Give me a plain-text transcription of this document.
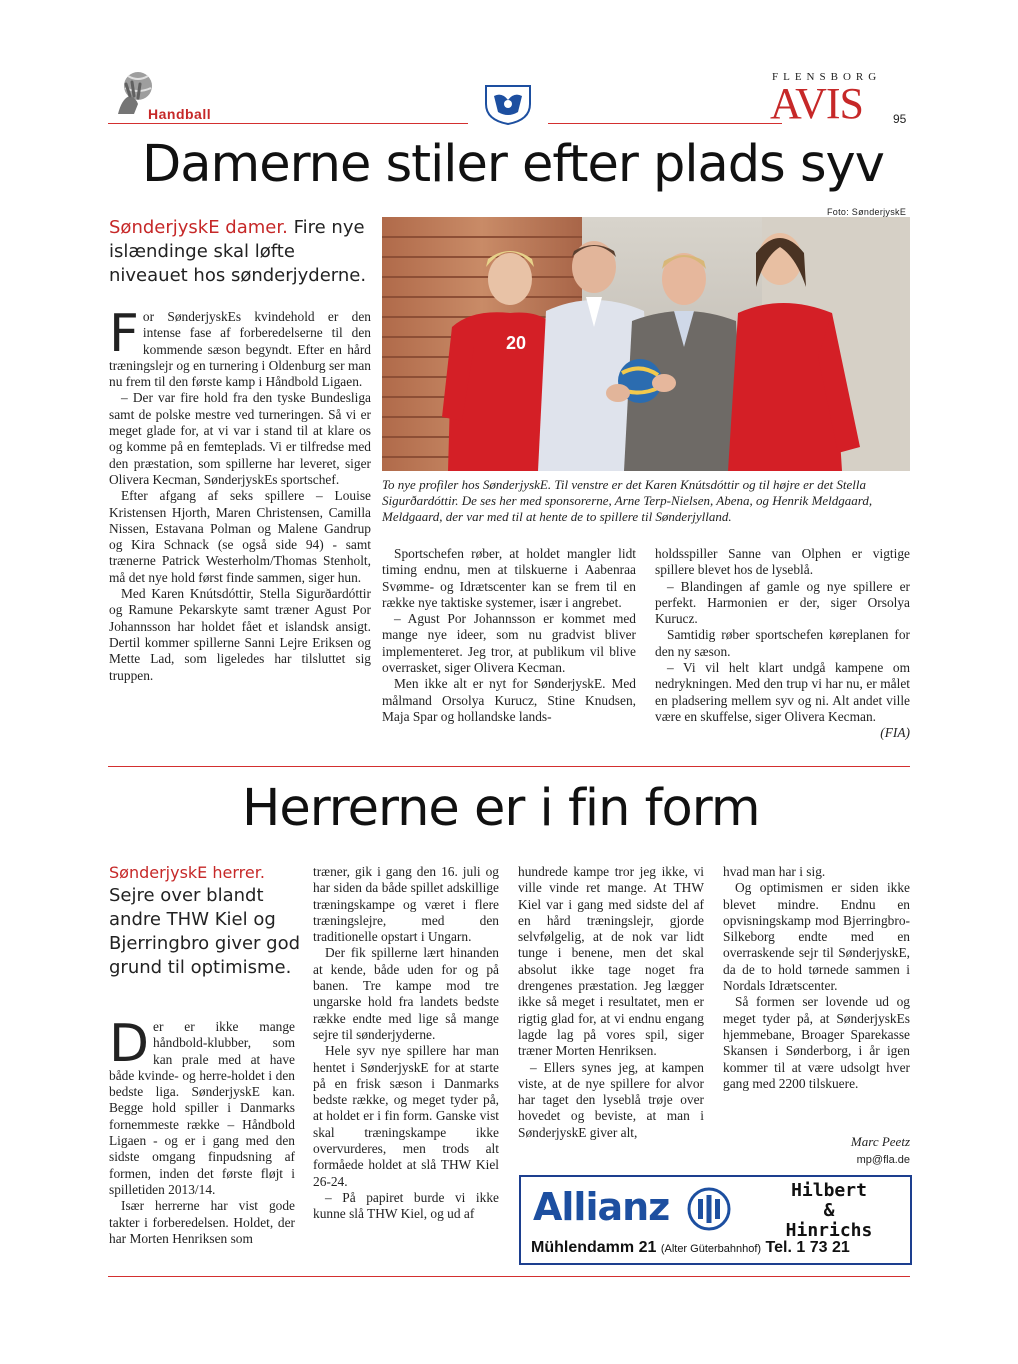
Handball
FLENSBORG
AVIS 95
Damerne stiler efter plads syv
Foto: SønderjyskE
SønderjyskE damer. Fire nye islændinge skal løfte niveauet hos sønderjyderne.
F or SønderjyskEs kvindehold er den intense fase af forberedelserne til den kommende sæson begyndt. Efter en hård træningslejr og en turnering i Oldenburg ser man nu frem til den første kamp i Håndbold Ligaen.

– Der var fire hold fra den tyske Bundesliga samt de polske mestre ved turneringen. Så vi er meget glade for, at vi var i stand til at klare os og komme på en femteplads. Vi er tilfredse med den præstation, som spillerne har leveret, siger Olivera Kecman, SønderjyskEs sportschef.

Efter afgang af seks spillere – Louise Kristensen Hjorth, Maren Christensen, Camilla Nissen, Estavana Polman og Malene Gandrup og Kira Schnack (se også side 94) - samt trænerne Patrick Westerholm/Thomas Stenholt, må det nye hold først finde sammen, siger hun.

Med Karen Knútsdóttir, Stella Sigurðardóttir og Ramune Pekarskyte samt træner Agust Por Johannsson har holdet fået et islandsk ansigt. Dertil kommer spillerne Sanni Lejre Eriksen og Mette Lad, som ligeledes har tilsluttet sig truppen.

20
To nye profiler hos SønderjyskE. Til venstre er det Karen Knútsdóttir og til højre er det Stella Sigurðardóttir. De ses her med sponsorerne, Arne Terp-Nielsen, Abena, og Henrik Meldgaard, Meldgaard, der var med til at hente de to spillere til Sønderjylland.

Sportschefen røber, at holdet mangler lidt timing endnu, men at tilskuerne i Aabenraa Svømme- og Idrætscenter kan se frem til en række nye taktiske systemer, især i angrebet.

– Agust Por Johannsson er kommet med mange nye ideer, som nu gradvist bliver implementeret. Jeg tror, at publikum vil blive overrasket, siger Olivera Kecman.

Men ikke alt er nyt for SønderjyskE. Med målmand Orsolya Kurucz, Stine Knudsen, Maja Spar og hollandske lands-

holdsspiller Sanne van Olphen er vigtige spillere blevet hos de lyseblå.

– Blandingen af gamle og nye spillere er perfekt. Harmonien er der, siger Orsolya Kurucz.

Samtidig røber sportschefen køreplanen for den ny sæson.

– Vi vil helt klart undgå kampene om nedrykningen. Med den trup vi har nu, er målet en pladsering mellem syv og ni. Alt andet ville være en skuffelse, siger Olivera Kecman.

(FIA)
Herrerne er i fin form
SønderjyskE herrer.
Sejre over blandt andre THW Kiel og Bjerringbro giver god grund til optimisme.
D er er ikke mange håndbold-klubber, som kan prale med at have både kvinde- og herre-holdet i den bedste liga. SønderjyskE kan. Begge hold spiller i Danmarks fornemmeste række – Håndbold Ligaen - og er i gang med den sidste omgang finpudsning af formen, inden det første fløjt i spilletiden 2013/14.

Især herrerne har vist gode takter i forberedelsen. Holdet, der har Morten Henriksen som

træner, gik i gang den 16. juli og har siden da både spillet adskillige træningskampe og været i flere træningslejre, med den traditionelle opstart i Ungarn.

Der fik spillerne lært hinanden at kende, både uden for og på banen. Tre kampe mod tre ungarske hold fra landets bedste række endte med lige så mange sejre til sønderjyderne.

Hele syv nye spillere har man hentet i SønderjyskE for at starte på en frisk sæson i Danmarks bedste række, og meget tyder på, at holdet er i fin form. Ganske vist skal træningskampe ikke overvurderes, men trods alt formåede holdet at slå THW Kiel 26-24.

– På papiret burde vi ikke kunne slå THW Kiel, og ud af

hundrede kampe tror jeg ikke, vi ville vinde ret mange. At THW Kiel var i gang med sidste del af en hård træningslejr, gjorde selvfølgelig, at de nok var lidt tunge i benene, men det skal absolut ikke tage noget fra drengenes præstation. Jeg lægger ikke så meget i resultatet, men er rigtig glad for, at vi endnu engang lagde lag på vores spil, siger træner Morten Henriksen.

– Ellers synes jeg, at kampen viste, at de nye spillere for alvor har taget den lyseblå trøje over hovedet og beviste, at man i SønderjyskE giver alt,

hvad man har i sig.

Og optimismen er siden ikke blevet mindre. Endnu en opvisningskamp mod Bjerringbro-Silkeborg endte med en overraskende sejr til SønderjyskE, da de to hold tørnede sammen i Nordals Idrætscenter.

Så formen ser lovende ud og meget tyder på, at SønderjyskEs hjemmebane, Broager Sparekasse Skansen i Sønderborg, i år igen kommer til at være udsolgt hver gang med 2200 tilskuere.

Marc Peetz
mp@fla.de
Allianz	Hilbert
&
Hinrichs
Mühlendamm 21 (Alter Güterbahnhof) Tel. 1 73 21
